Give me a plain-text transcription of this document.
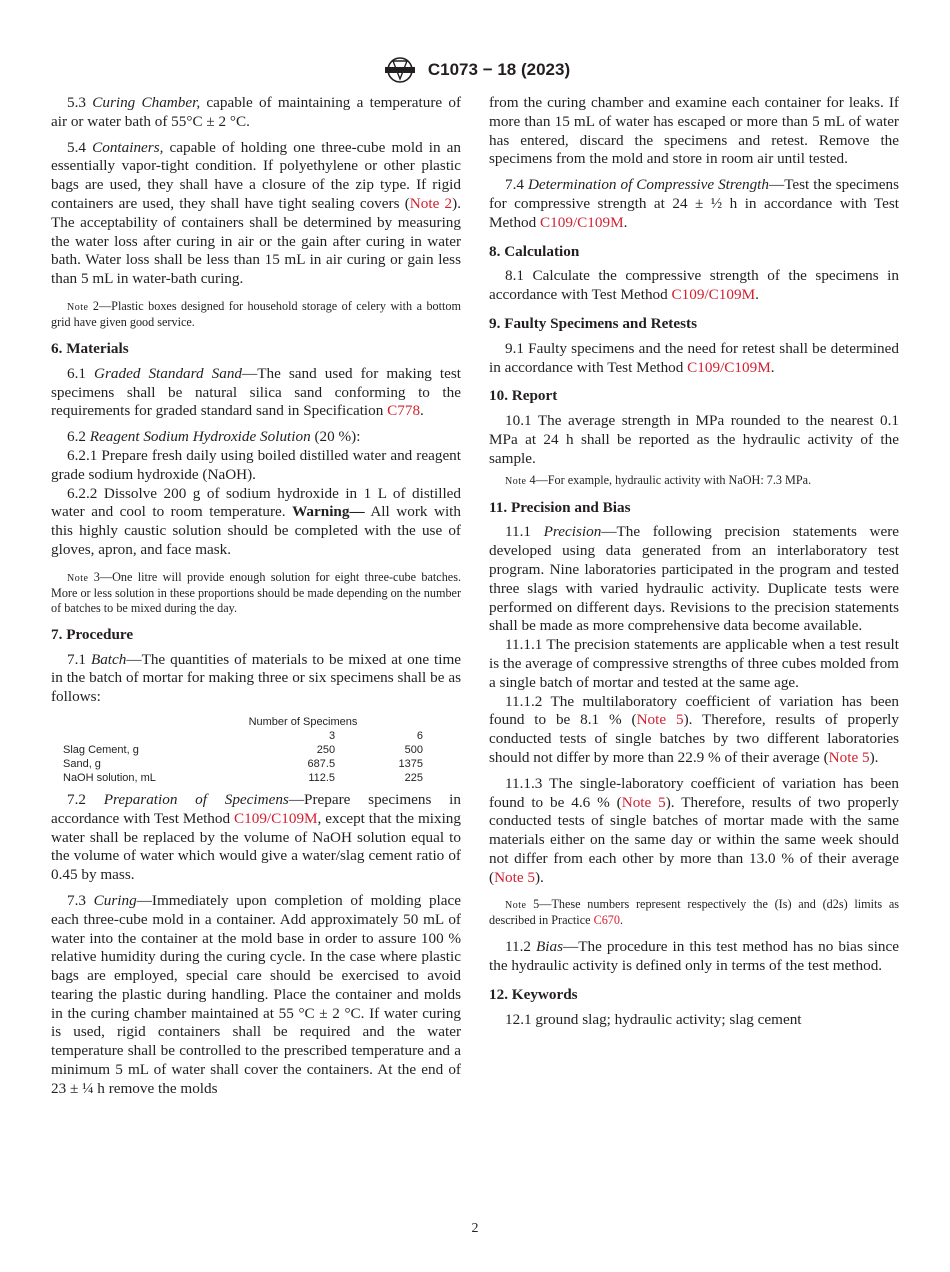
C1073 − 18 (2023)

5.3 Curing Chamber, capable of maintaining a temperature of air or water bath of 55°C ± 2 °C.

5.4 Containers, capable of holding one three-cube mold in an essentially vapor-tight condition. If polyethylene or other plastic bags are used, they shall have a closure of the zip type. If rigid containers are used, they shall have tight sealing covers (Note 2). The acceptability of containers shall be determined by measuring the water loss after curing in air or the gain after curing in water bath. Water loss shall be less than 15 mL in air curing or gain less than 5 mL in water-bath curing.

Note 2—Plastic boxes designed for household storage of celery with a bottom grid have given good service.
6. Materials

6.1 Graded Standard Sand—The sand used for making test specimens shall be natural silica sand conforming to the requirements for graded standard sand in Specification C778.

6.2 Reagent Sodium Hydroxide Solution (20 %):

6.2.1 Prepare fresh daily using boiled distilled water and reagent grade sodium hydroxide (NaOH).

6.2.2 Dissolve 200 g of sodium hydroxide in 1 L of distilled water and cool to room temperature. Warning— All work with this highly caustic solution should be completed with the use of gloves, apron, and face mask.

Note 3—One litre will provide enough solution for eight three-cube batches. More or less solution in these proportions should be made depending on the number of batches to be mixed during the day.
7. Procedure

7.1 Batch—The quantities of materials to be mixed at one time in the batch of mortar for making three or six specimens shall be as follows:

Number of Specimens		
	3	6
Slag Cement, g	250	500
Sand, g	687.5	1375
NaOH solution, mL	112.5	225

7.2 Preparation of Specimens—Prepare specimens in accordance with Test Method C109/C109M, except that the mixing water shall be replaced by the volume of NaOH solution equal to the volume of water which would give a water/slag cement ratio of 0.45 by mass.

7.3 Curing—Immediately upon completion of molding place each three-cube mold in a container. Add approximately 50 mL of water into the container at the mold base in order to assure 100 % relative humidity during the curing cycle. In the case where plastic bags are employed, special care should be exercised to avoid tearing the plastic during handling. Place the container and molds in the curing chamber maintained at 55 °C ± 2 °C. If water curing is used, rigid containers shall be required and the water temperature shall be controlled to the prescribed temperature and a minimum 5 mL of water shall cover the containers. At the end of 23 ± ¼ h remove the molds

from the curing chamber and examine each container for leaks. If more than 15 mL of water has escaped or more than 5 mL of water has entered, discard the specimens and retest. Remove the specimens from the mold and store in room air until tested.

7.4 Determination of Compressive Strength—Test the specimens for compressive strength at 24 ± ½ h in accordance with Test Method C109/C109M.

8. Calculation

8.1 Calculate the compressive strength of the specimens in accordance with Test Method C109/C109M.

9. Faulty Specimens and Retests

9.1 Faulty specimens and the need for retest shall be determined in accordance with Test Method C109/C109M.

10. Report

10.1 The average strength in MPa rounded to the nearest 0.1 MPa at 24 h shall be reported as the hydraulic activity of the sample.

Note 4—For example, hydraulic activity with NaOH: 7.3 MPa.
11. Precision and Bias

11.1 Precision—The following precision statements were developed using data generated from an interlaboratory test program. Nine laboratories participated in the program and tested three slags with varied hydraulic activity. Duplicate tests were performed on different days. Revisions to the precision statements shall be made as more comprehensive data become available.

11.1.1 The precision statements are applicable when a test result is the average of compressive strengths of three cubes molded from a single batch of mortar and tested at the same age.

11.1.2 The multilaboratory coefficient of variation has been found to be 8.1 % (Note 5). Therefore, results of properly conducted tests of single batches by two different laboratories should not differ by more than 22.9 % of their average (Note 5).

11.1.3 The single-laboratory coefficient of variation has been found to be 4.6 % (Note 5). Therefore, results of two properly conducted tests of single batches of mortar made with the same materials either on the same day or within the same week should not differ from each other by more than 13.0 % of their average (Note 5).

Note 5—These numbers represent respectively the (Is) and (d2s) limits as described in Practice C670.

11.2 Bias—The procedure in this test method has no bias since the hydraulic activity is defined only in terms of the test method.

12. Keywords

12.1 ground slag; hydraulic activity; slag cement

2
